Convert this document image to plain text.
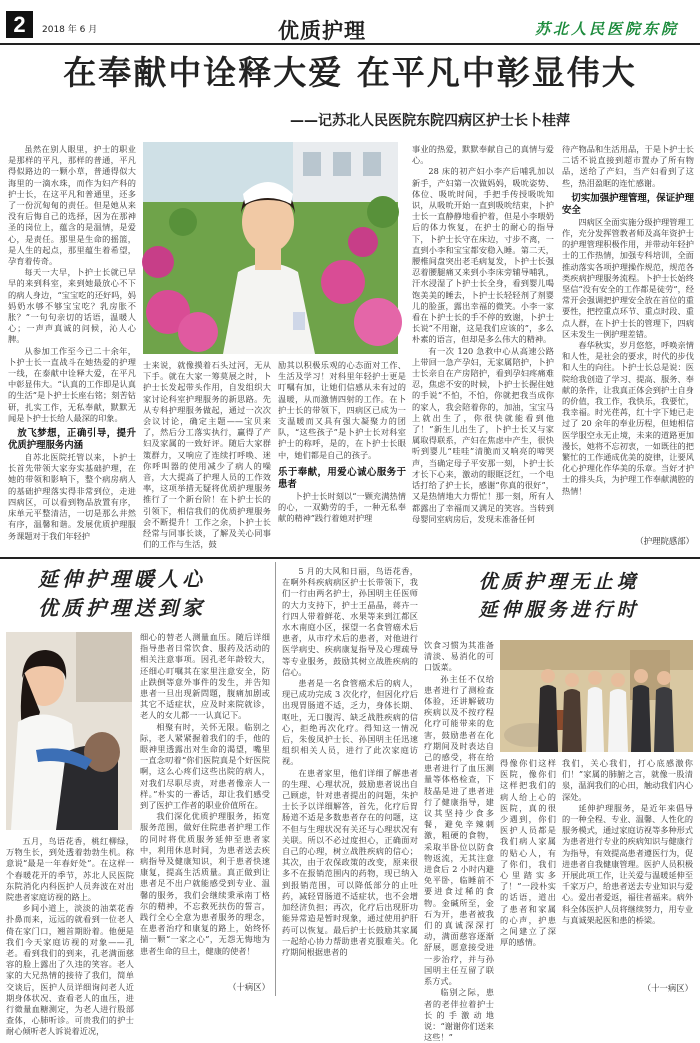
2	2018 年 6 月	优质护理	苏北人民医院东院
在奉献中诠释大爱 在平凡中彰显伟大
——记苏北人民医院东院四病区护士长卜桂萍

虽然在别人眼里，护士的职业是那样的平凡，那样的普通，平凡得似路边的一颗小草，普通得似大海里的一滴水珠，而作为妇产科的护士长，在这平凡和普通里，还多了一份沉甸甸的责任。但是她从来没有后悔自己的选择，因为在那神圣的岗位上，蕴含的是温情，是爱心，是责任。那里是生命的摇篮，是人生的起点，那里蕴生着希望，孕育着传奇。

每天一大早，卜护士长就已早早的来到科室，来到她最放心不下的病人身边，“宝宝吃的还好吗，妈妈奶水够不够宝宝吃？乳房胀不胀？”一句句亲切的话语，温暖人心；一声声真诚的问候，沁人心脾。

从参加工作至今已二十余年，卜护士长一直战斗在她热爱的护理一线，在泰献中诠释大爱，在平凡中彰显伟大。“认真的工作即是认真的生活”是卜护士长座右铭；刻苦钻研，扎实工作，无私奉献，默默无闻是卜护士长给人最深的印象。

放飞梦想，正确引导，提升优质护理服务内涵

自苏北医院托管以来，卜护士长首先带领大家夯实基础护理，在她的带领和影响下，整个病房病人的基础护理落实得非常到位，走进四病区，可以看到物品放置有序，床单元平整清洁，一切是那么井然有序，温馨和谐。发展优质护理服务课题对于我们年轻护

士来说，就像摸着石头过河，无从下手。就在大家一筹莫展之时，卜护士长发起带头作用，自发组织大家讨论科室护理服务的新思路。先从专科护理服务做起，通过一次次会议讨论，确定主题——宝贝来了，然后分工落实执行，赢得了产妇及家属的一致好评。随后大家群策群力，又响应了连续打呼唤、迷你呼叫器的使用减少了病人的噪音，大大提高了护理人员的工作效率，这项举措无疑将优质护理服务推行了一个新台阶！在卜护士长的引领下，相信我们的优质护理服务会不断提升！工作之余，卜护士长经常与同事长谈，了解及关心同事们的工作与生活，鼓

励其以积极乐观的心态面对工作、生活及学习！对科里年轻护士更是叮嘱有加，让她们信感从未有过的温暖，从而激情四射的工作。在卜护士长的带领下，四病区已成为一支温暖而又具有强大凝聚力的团队，“这些孩子”是卜护士长对科室护士的称呼，是的，在卜护士长眼中，她们都是自己的孩子。

乐于奉献，用爱心诚心服务于患者

卜护士长时刻以“一颗充满热情的心，一双勤劳的手，一种无私奉献的精神”践行着她对护理

事业的热爱，默默奉献自己的真情与爱心。

28 床的初产妇小李产后哺乳加以新手，产妇第一次做妈妈，吸吮姿势、体位、吸吮时间，手把手传授吸吮知识，从吸吮开始一直到吸吮结束，卜护士长一直静静地看护着，但是小李喂奶后的体力恢复，在护士的耐心的指导下，卜护士长守在床边，寸步不离，一直到小李和宝宝都安稳入睡。第二天，腰椎间盘突出老毛病复发，卜护士长强忍着腰腿痛又来到小李床旁辅导哺乳，汗水浸湿了卜护士长全身，看到婴儿喝饱美美的睡去，卜护士长轻轻剂了剂婴儿的脸蛋，露出幸福的微笑。小李一家看在卜护士长的手不停的致谢，卜护士长说“不用谢，这是我们应该的”，多么朴素的语言，但却是多么伟大的精神。

有一次 120 急救中心从高速公路上带回一急产孕妇，无家属陪护，卜护士长亲自在产房陪护，看到孕妇疼痛难忍，焦虑不安的时候，卜护士长握住她的手说“不怕，不怕，你就把我当成你的家人，我会陪着你的，加油，宝宝马上就出生了，你很快就能看到他了！”新生儿出生了，卜护士长又与家属取得联系，产妇在焦虑中产生，很快听到婴儿“哇哇”清脆而又响亮的啼哭声，当确定母子平安那一刻，卜护士长才长下心来，激动的眼眶泛红，一个电话打给了护士长，感谢“你真的很好”，又是热情地大力帮忙！那一刻，所有人都露出了幸福而又满足的笑容。当转到母婴同室病房后，发现未准备任何

待产物品和生活用品，于是卜护士长二话不说直接到超市置办了所有物品，送给了产妇，当产妇看到了这些，热泪盈眶的连忙感谢。

切实加强护理管理，保证护理安全

四病区全面实施分级护理管理工作，充分发挥管教者师及高年资护士的护理管理积极作用，并带动年轻护士的工作热情，加强专科培训，全面推动落实各项护理操作规范，规范各类疾病护理服务流程。卜护士长始终坚信“没有安全的工作都是徒劳”，经常开会强调把护理安全放在首位的重要性，把控重点环节、重点时段、重点人群，在卜护士长的管理下，四病区未发生一例护理差错。

春华秋实，岁月悠悠，呼唤亲情和人性，是社会的要求，时代的步伐和人生的向往。卜护士长总是说：医院给我创造了学习、提高、服务、奉献的条件，让我真正体会到护士自身的价值，我工作，我快乐，我要忙，我幸福。时光荏苒，红十字下她已走过了 20 余年的奉业历程，但她相信医学服空永无止境，未来的道路更加漫长，她将不忘初衷，一如既往的把繁忙的工作通成优美的旋律，让要风化心护理化作华美的乐章。当好才护士的排头兵，为护理工作奉献满腔的热情！

（护理院感部）
延伸护理暖人心
优质护理送到家

五月，鸟语花香，桃红柳绿，万物生长，到处透着勃勃生机。称意说“最是一年春好处”。在这样一个春暖花开的季节，苏北人民医院东院消化内科医护人员奔波在对出院患者家庭访视的路上。

乡间小道上，淡淡的油菜花香扑鼻而来，远远的就看到一位老人倚在家门口，翘首期盼着。他便是我们今天家庭访视的对象——孔老。看到我们的到来，孔老满面慈容的脸上露出了久违的笑容。老人家的大兄热情的接待了我们，简单交谈后，医护人员详细询问老人近期身体状况、查看老人的血压，进行微量血糖测定，为老人进行股部查体，心肺听诊。可贵我们的护士耐心倾听老人诉说着近况，

细心的替老人测量血压。随后详细指导患者日常饮食、服药及活动的相关注意事项。因孔老年龄较大，还细心叮嘱其在家里注意安全，防止跌倒等意外事件的发生，并告知患者一旦出现新問題，腹痛加剧或其它不适症状，应及时来院就诊，老人的女儿都一一认真记下。

相聚有时，关怀无限。临别之际，老人紧紧握着我们的手，他的眼神里透露出对生命的渴望，嘴里一直念叨着“你们医院真是个好医院啊，这么心疼们这些出院的病人，对我们尽职尽责，对患者像亲人一样。”朴实的一番话，却让我们感受到了医护工作者的职业价值所在。

我们深化优质护理服务，拓宽服务范围，做好住院患者护理工作的同时将优质服务延伸至患者家中，利用休息时间，为患者送去疾病指导及健康知识，利于患者快速康复，提高生活质量。真正做到让患者足不出户就能感受到专业、温馨的服务，我们会继续秉承南丁格尔的精神，不忘救死扶伤的誓言，践行全心全意为患者服务的理念，在患者治疗和康复的路上，始终怀揣一颗“一家之心”，无怨无悔地为患者生命的旦土，健康的使者！

（十病区）

5 月的大风和日丽，鸟语花香，在啊外科疾病病区护士长带领下，我们一行由两名护士，孙国明主任医师的大力支持下，护士王晶晶，蒋卉一行四人带着鲜花、水果等来到江都区水木南庭小区，探望一名食管癌术后患者，从市疗术后的患者，对他进行医学病史、疾病康复指导及心理疏导等专业服务，鼓励其树立战胜疾病的信心。

患者是一名食管癌术后的病人，现已成功完成 3 次化疗，但因化疗后出现胃肠道不适，乏力，身体长期、呕吐，无口腹泻、缺乏战胜疾病的信心，拒绝再次化疗。得知这一情况后，朱俊凤护士长、孙国明主任迅速组织相关人员，进行了此次家庭访视。

在患者家里，他们详细了解患者的生理、心理状况，鼓励患者说出自己顾虑，针对患者提出的问题，朱护士长予以详细解答，首先，化疗后胃肠道不适是多数患者存在的问题，这不但与生理状况有关还与心理状况有关联。所以不必过度担心，正确面对自己的心理，树立战胜疾病的信心；其次，由于农保政策的改变，原来很多不在报销范围内的药物，现已纳入到报销范围，可以降低部分的止吐药，减轻胃肠道不适症状，也不会增加经济负担；再次，化疗后出现肝功能异常造是暂时现象，通过使用护肝药可以恢复。最后护士长鼓励其家属一起给心协力帮助患者克服难关。化疗期间根据患者的

饮食习惯为其准备清淡、易消化的可口饭菜。

孙主任不仅给患者进行了测检查体验，还讲解破功疾病以及不按疗程化疗可能带来的危害，鼓励患者在化疗期间及时表达自己的感受，将在给患者进行了血压测量等体格检查，下肢晶是进了患者进行了健康指导，建议其坚持少食多餐，避免辛辣刺激，粗硬的食物，采取半卧位以防食物返流，无其注意进食后 2 小时内避免平卧，临睡前不要进食过稀的食物。金碱所至，金石为开，患者被我们的真诚深深打动，满面慈容逐渐舒展，愿意接受进一步治疗，并与孙国明主任互留了联系方式。

临别之际，患者的老伴拉着护士长的手激动地说：“谢谢你们送来这些！”

优质护理无止境
延伸服务进行时

得像你们这样医院，像你们这样把我们的病人给上心的医院，真的很少遇到，你们医护人员都是我们病人家属的贴心人，有了你们，我们心里踏实多了！”一段朴实的话语，道出了患者和家属的心声，护患之间建立了深厚的感情。

我们，关心我们，打心底感激你们！”家属的肺腑之言，就像一股清泉，温润我们的心田，触动我们内心深处。

延伸护理服务，是近年来倡导的一种全程、专业、温馨、人性化的服务模式，通过家庭访视等多种形式为患者进行专业的疾病知识与健康行为指导，有效提高患者遵医行为，促进患者自我健康管理。医护人员积极开展此项工作，让关爱与温暖延伸至千家万户，给患者送去专业知识与爱心。爱出者爱返，福往者福来。病外科全体医护人员将继续努力，用专业与真诚架起医和患的桥梁。

（十一病区）
